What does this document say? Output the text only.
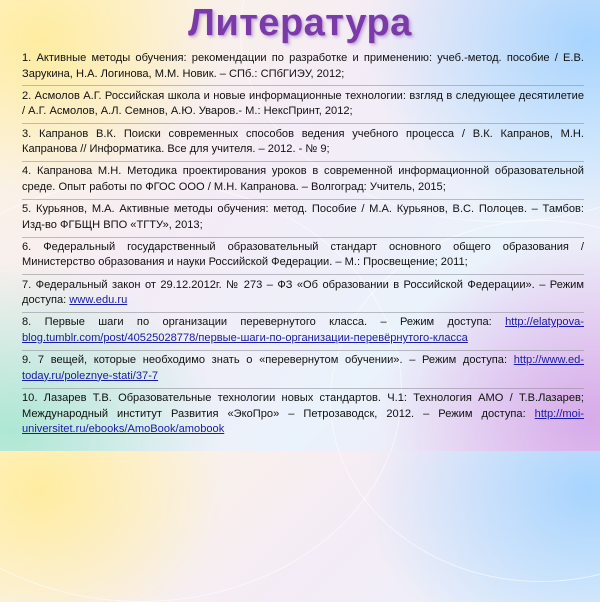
Литература
1. Активные методы обучения: рекомендации по разработке и применению: учеб.-метод. пособие / Е.В. Зарукина, Н.А. Логинова, М.М. Новик. – СПб.: СПбГИЭУ, 2012;
2. Асмолов А.Г. Российская школа и новые информационные технологии: взгляд в следующее десятилетие / А.Г. Асмолов, А.Л. Семнов, А.Ю. Уваров.- М.: НексПринт, 2012;
3. Капранов В.К. Поиски современных способов ведения учебного процесса / В.К. Капранов, М.Н. Капранова // Информатика. Все для учителя. – 2012. - № 9;
4. Капранова М.Н. Методика проектирования уроков в современной информационной образовательной среде. Опыт работы по ФГОС ООО / М.Н. Капранова. – Волгоград: Учитель, 2015;
5. Курьянов, М.А. Активные методы обучения: метод. Пособие / М.А. Курьянов, В.С. Полоцев. – Тамбов: Изд-во ФГБЩН ВПО «ТГТУ», 2013;
6. Федеральный государственный образовательный стандарт основного общего образования / Министерство образования и науки Российской Федерации. – М.: Просвещение; 2011;
7. Федеральный закон от 29.12.2012г. № 273 – ФЗ «Об образовании в Российской Федерации». – Режим доступа: www.edu.ru
8. Первые шаги по организации перевернутого класса. – Режим доступа: http://elatypova-blog.tumblr.com/post/40525028778/первые-шаги-по-организации-перевёрнутого-класса
9. 7 вещей, которые необходимо знать о «перевернутом обучении». – Режим доступа: http://www.ed-today.ru/poleznye-stati/37-7
10. Лазарев Т.В. Образовательные технологии новых стандартов. Ч.1: Технология АМО / Т.В.Лазарев; Международный институт Развития «ЭкоПро» – Петрозаводск, 2012. – Режим доступа: http://moi-universitet.ru/ebooks/AmoBook/amobook
